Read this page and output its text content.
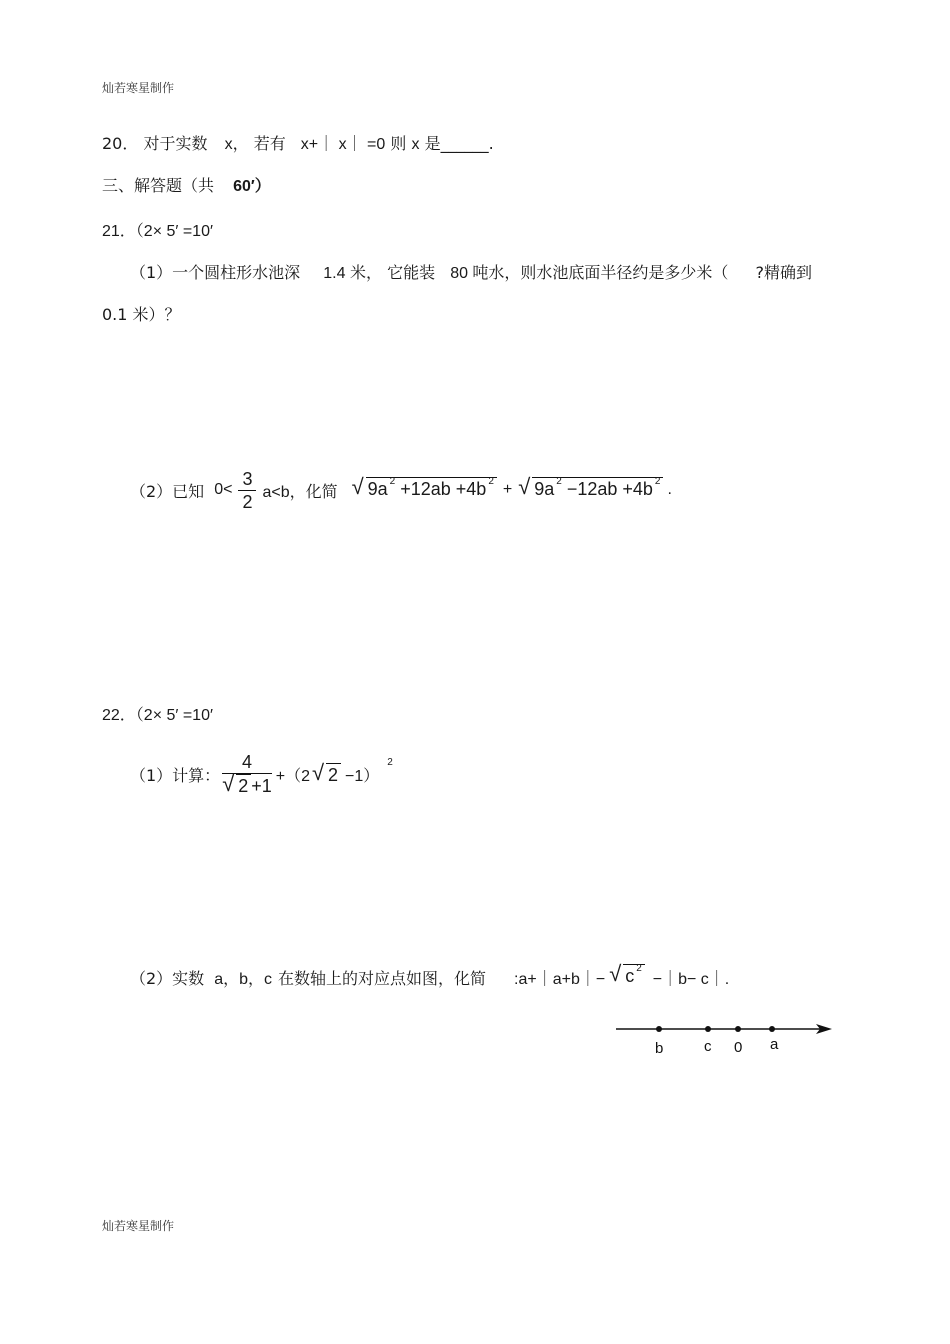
灿若寒星制作
20． 对于实数 x， 若有 x+｜ x｜ =0 则 x 是______.
三、解答题（共 60′）
21．（2× 5′ =10′
（1）一个圆柱形水池深 1.4 米， 它能装 80 吨水，则水池底面半径约是多少米（ ?精确到
0.1 米）？
（2）已知 $0< \frac{3}{2} a<b$，化简 √ 9a $^2$ +12ab +4b $^2$ + √ 9a $^2$ −12ab +4b $^2$ .
22．（2× 5′ =10′
（1）计算： $\frac{4}{√ 2 +1} +(2$ √ 2 −1）
2
（2）实数 a，b，c 在数轴上的对应点如图，化简 :a+｜a+b｜− √ c $^2$
−｜b− c｜.
b	c 0 a
灿若寒星制作
